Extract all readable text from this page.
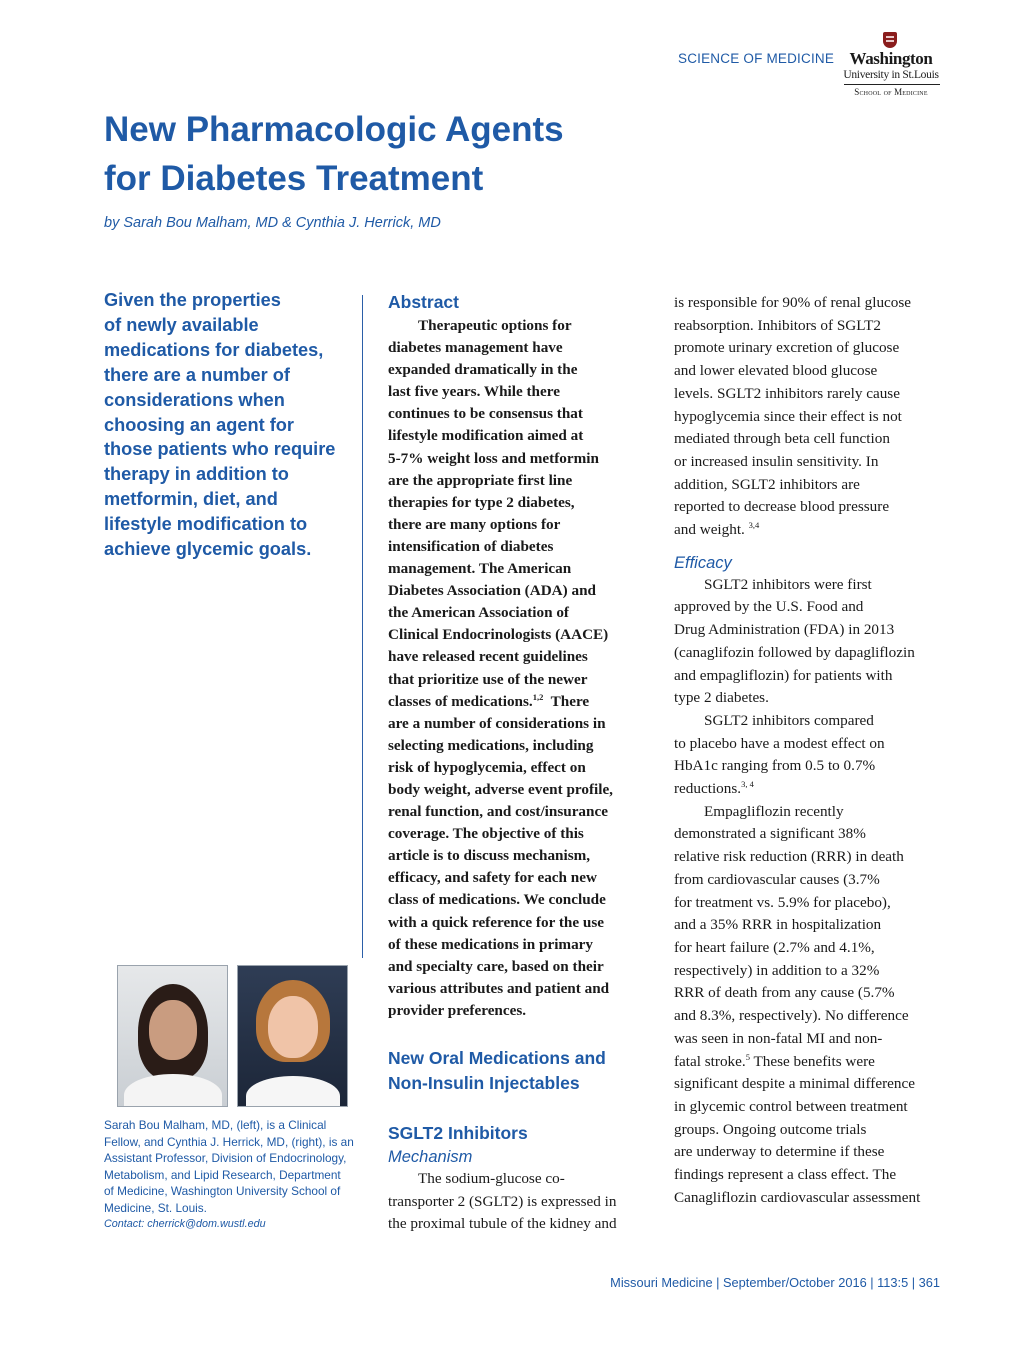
SCIENCE OF MEDICINE Washington
University in St.Louis
School of Medicine
New Pharmacologic Agents
for Diabetes Treatment
by Sarah Bou Malham, MD & Cynthia J. Herrick, MD
Given the properties
of newly available
medications for diabetes,
there are a number of
considerations when
choosing an agent for
those patients who require
therapy in addition to
metformin, diet, and
lifestyle modification to
achieve glycemic goals.
Sarah Bou Malham, MD, (left), is a Clinical
Fellow, and Cynthia J. Herrick, MD, (right), is an
Assistant Professor, Division of Endocrinology,
Metabolism, and Lipid Research, Department
of Medicine, Washington University School of
Medicine, St. Louis.
Contact: cherrick@dom.wustl.edu
Abstract
Therapeutic options for
diabetes management have
expanded dramatically in the
last five years. While there
continues to be consensus that
lifestyle modification aimed at
5-7% weight loss and metformin
are the appropriate first line
therapies for type 2 diabetes,
there are many options for
intensification of diabetes
management. The American
Diabetes Association (ADA) and
the American Association of
Clinical Endocrinologists (AACE)
have released recent guidelines
that prioritize use of the newer
classes of medications.$^{1,2}$  There
are a number of considerations in
selecting medications, including
risk of hypoglycemia, effect on
body weight, adverse event profile,
renal function, and cost/insurance
coverage. The objective of this
article is to discuss mechanism,
efficacy, and safety for each new
class of medications. We conclude
with a quick reference for the use
of these medications in primary
and specialty care, based on their
various attributes and patient and
provider preferences.
New Oral Medications and
Non-Insulin Injectables
SGLT2 Inhibitors
Mechanism
The sodium-glucose co-
transporter 2 (SGLT2) is expressed in
the proximal tubule of the kidney and
is responsible for 90% of renal glucose
reabsorption. Inhibitors of SGLT2
promote urinary excretion of glucose
and lower elevated blood glucose
levels. SGLT2 inhibitors rarely cause
hypoglycemia since their effect is not
mediated through beta cell function
or increased insulin sensitivity. In
addition, SGLT2 inhibitors are
reported to decrease blood pressure
and weight. $^{3,4}$
Efficacy
SGLT2 inhibitors were first
approved by the U.S. Food and
Drug Administration (FDA) in 2013
(canaglifozin followed by dapagliflozin
and empagliflozin) for patients with
type 2 diabetes.
SGLT2 inhibitors compared
to placebo have a modest effect on
HbA1c ranging from 0.5 to 0.7%
reductions.$^{3, 4}$
Empagliflozin recently
demonstrated a significant 38%
relative risk reduction (RRR) in death
from cardiovascular causes (3.7%
for treatment vs. 5.9% for placebo),
and a 35% RRR in hospitalization
for heart failure (2.7% and 4.1%,
respectively) in addition to a 32%
RRR of death from any cause (5.7%
and 8.3%, respectively). No difference
was seen in non-fatal MI and non-
fatal stroke.$^5$ These benefits were
significant despite a minimal difference
in glycemic control between treatment
groups. Ongoing outcome trials
are underway to determine if these
findings represent a class effect. The
Canagliflozin cardiovascular assessment
Missouri Medicine | September/October 2016 | 113:5 | 361
